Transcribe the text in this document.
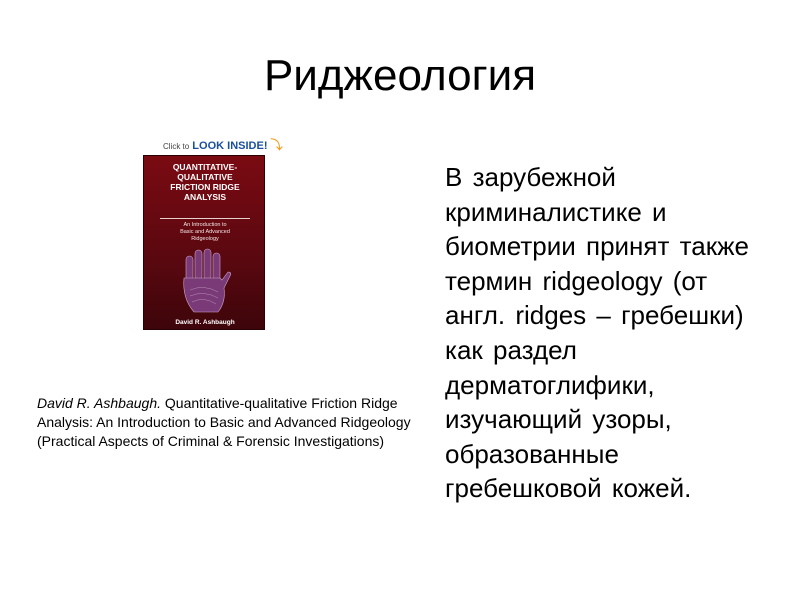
Риджеология
Click to LOOK INSIDE! ⤵
QUANTITATIVE-QUALITATIVE
FRICTION RIDGE
ANALYSIS
An Introduction to
Basic and Advanced
Ridgeology
David R. Ashbaugh
David R. Ashbaugh. Quantitative-qualitative Friction Ridge Analysis: An Introduction to Basic and Advanced Ridgeology (Practical Aspects of Criminal & Forensic Investigations)
В зарубежной криминалистике и биометрии принят также термин ridgeology (от англ. ridges – гребешки) как раздел дерматоглифики, изучающий узоры, образованные гребешковой кожей.
